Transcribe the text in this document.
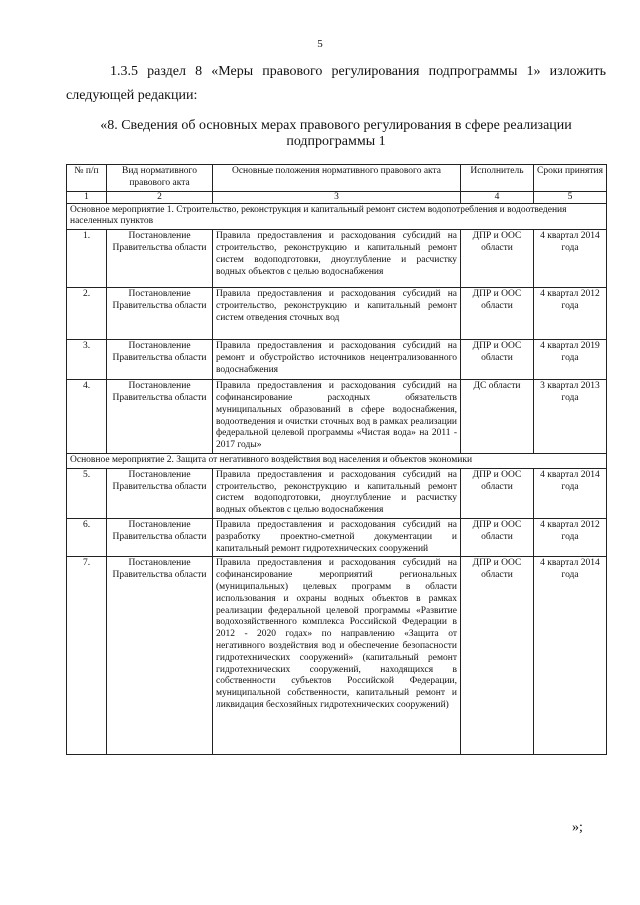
5
1.3.5 раздел 8 «Меры правового регулирования подпрограммы 1» изложить следующей редакции:
«8. Сведения об основных мерах правового регулирования в сфере реализации подпрограммы 1
№ п/п	Вид нормативного правового акта	Основные положения нормативного правового акта	Исполнитель	Сроки принятия
1	2	3	4	5
Основное мероприятие 1. Строительство, реконструкция и капитальный ремонт систем водопотребления и водоотведения населенных пунктов				
1.	Постановление Правительства области	Правила предоставления и расходования субсидий на строительство, реконструкцию и капитальный ремонт систем водоподготовки, дноуглубление и расчистку водных объектов с целью водоснабжения	ДПР и ООС области	4 квартал 2014 года
2.	Постановление Правительства области	Правила предоставления и расходования субсидий на строительство, реконструкцию и капитальный ремонт систем отведения сточных вод	ДПР и ООС области	4 квартал 2012 года
3.	Постановление Правительства области	Правила предоставления и расходования субсидий на ремонт и обустройство источников нецентрализованного водоснабжения	ДПР и ООС области	4 квартал 2019 года
4.	Постановление Правительства области	Правила предоставления и расходования субсидий на софинансирование расходных обязательств муниципальных образований в сфере водоснабжения, водоотведения и очистки сточных вод в рамках реализации федеральной целевой программы «Чистая вода» на 2011 - 2017 годы»	ДС области	3 квартал 2013 года
Основное мероприятие 2. Защита от негативного воздействия вод населения и объектов экономики				
5.	Постановление Правительства области	Правила предоставления и расходования субсидий на строительство, реконструкцию и капитальный ремонт систем водоподготовки, дноуглубление и расчистку водных объектов с целью водоснабжения	ДПР и ООС области	4 квартал 2014 года
6.	Постановление Правительства области	Правила предоставления и расходования субсидий на разработку проектно-сметной документации и капитальный ремонт гидротехнических сооружений	ДПР и ООС области	4 квартал 2012 года
7.	Постановление Правительства области	Правила предоставления и расходования субсидий на софинансирование мероприятий региональных (муниципальных) целевых программ в области использования и охраны водных объектов в рамках реализации федеральной целевой программы «Развитие водохозяйственного комплекса Российской Федерации в 2012 - 2020 годах» по направлению «Защита от негативного воздействия вод и обеспечение безопасности гидротехнических сооружений» (капитальный ремонт гидротехнических сооружений, находящихся в собственности субъектов Российской Федерации, муниципальной собственности, капитальный ремонт и ликвидация бесхозяйных гидротехнических сооружений)	ДПР и ООС области	4 квартал 2014 года
»;
